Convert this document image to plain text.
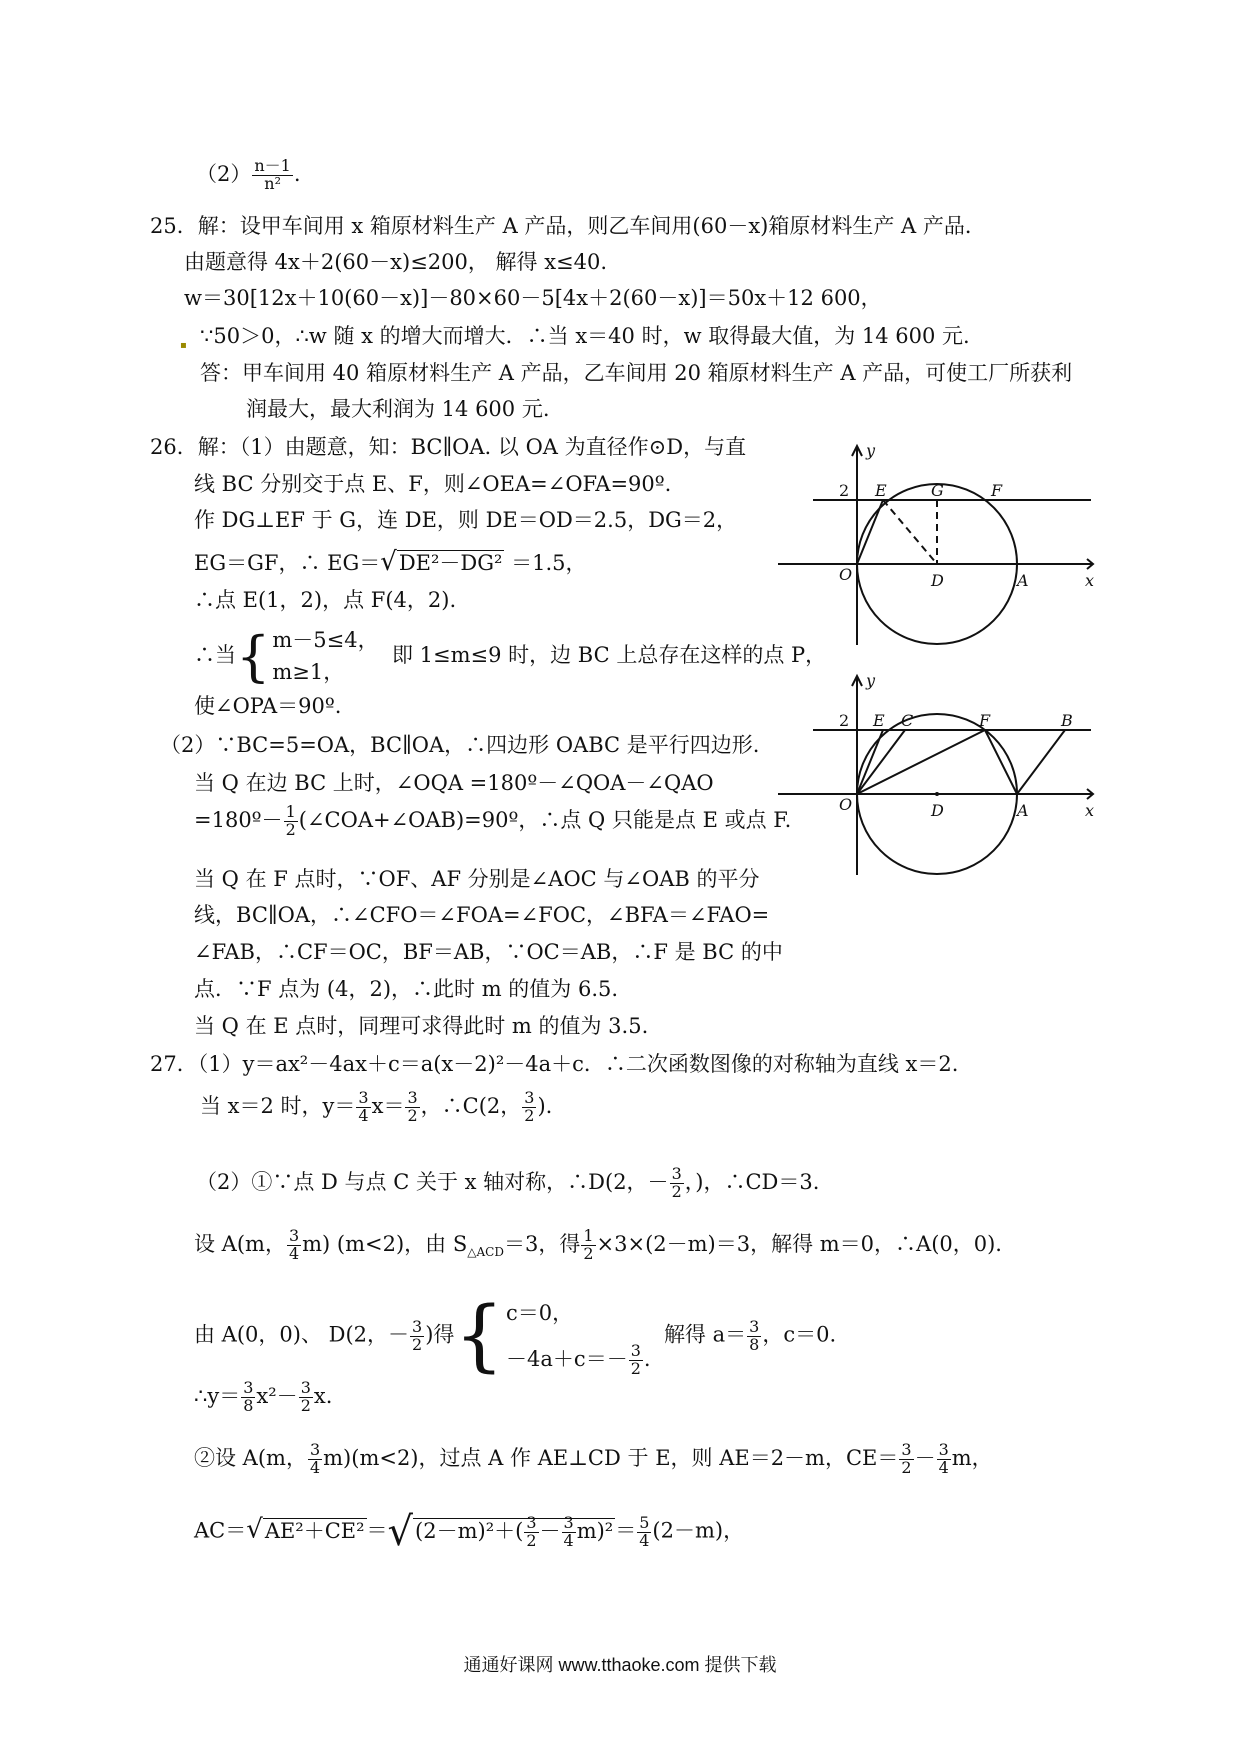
$(2) \frac{n-1}{\text{n²}}$ .
25．解：设甲车间用 x 箱原材料生产 A 产品，则乙车间用(60－x)箱原材料生产 A 产品．
由题意得 4x＋2(60－x)≤200， 解得 x≤40.
w＝30[12x＋10(60－x)]－80×60－5[4x＋2(60－x)]＝50x＋12 600，
▪ ∵50＞0，∴w 随 x 的增大而增大．∴当 x＝40 时，w 取得最大值，为 14 600 元.
答：甲车间用 40 箱原材料生产 A 产品，乙车间用 20 箱原材料生产 A 产品，可使工厂所获利
润最大，最大利润为 14 600 元.
26．解：（1）由题意，知：BC∥OA. 以 OA 为直径作⊙D，与直
线 BC 分别交于点 E、F，则∠OEA=∠OFA=90º.
作 DG⊥EF 于 G，连 DE，则 DE＝OD＝2.5，DG＝2，
EG＝GF，∴ EG＝√DE²－DG² ＝1.5，
∴点 E(1，2)，点 F(4，2).
∴当{ m－5≤4，
m≥1，
即 1≤m≤9 时，边 BC 上总存在这样的点 P，
使∠OPA＝90º.
（2）∵BC=5=OA，BC∥OA，∴四边形 OABC 是平行四边形.
当 Q 在边 BC 上时，∠OQA =180º－∠QOA－∠QAO
=180º－ $\frac{1}{2}$ (∠COA+∠OAB)=90º，∴点 Q 只能是点 E 或点 F.
当 Q 在 F 点时，∵OF、AF 分别是∠AOC 与∠OAB 的平分
线，BC∥OA，∴∠CFO＝∠FOA=∠FOC，∠BFA＝∠FAO=
∠FAB，∴CF＝OC，BF＝AB，∵OC＝AB，∴F 是 BC 的中
点．∵F 点为 (4，2)，∴此时 m 的值为 6.5.
当 Q 在 E 点时，同理可求得此时 m 的值为 3.5.
y
x
2
O	D	A
E	G	F
y
x
2
O	D	A
E C	F	B
27．（1）y＝ax²－4ax＋c＝a(x－2)²－4a＋c．∴二次函数图像的对称轴为直线 x＝2.
当 x＝2 时，$y= \frac{3}{4} x= \frac{3}{2}$ ，∴C(2， $\frac{3}{2}$ ).
（2）①∵点 D 与点 C 关于 x 轴对称，∴D(2，－ $\frac{3}{2}$ ，)，∴CD＝3.
设 A(m， $\frac{3}{4} m$) (m<2)，由 $S_{\triangle ACD}=3$，得 $\frac{1}{2} \times 3\times(2-m)=3$，解得 m＝0，∴A(0，0).
由 A(0，0)、 D(2，－ $\frac{3}{2}$ )得{ c＝0，
$-4a+c=- \frac{3}{2}$ .
解得 $a= \frac{3}{8}$ ，c＝0.
∴y＝ $\frac{3}{8} x^2- \frac{3}{2} x$.
②设 A(m， $\frac{3}{4} m)(m<2)$，过点 A 作 AE⊥CD 于 E，则 AE＝2－m，$CE= \frac{3}{2} - \frac{3}{4}$ m，
$AC=√AE^2+CE^2=√(2-m)^2+( \frac{3}{2} - \frac{3}{4} m)^2= \frac{5}{4} (2-m)$，
通通好课网 www.tthaoke.com 提供下载
